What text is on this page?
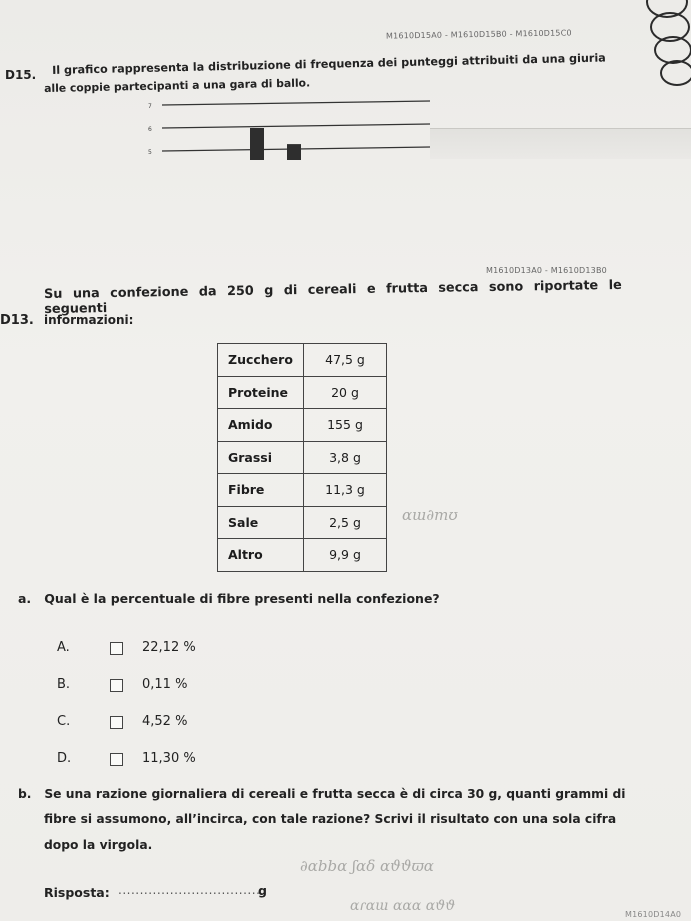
M1610D15A0 - M1610D15B0 - M1610D15C0
D15. Il grafico rappresenta la distribuzione di frequenza dei punteggi attribuiti da una giuria
alle coppie partecipanti a una gara di ballo.
7
6
5
M1610D13A0 - M1610D13B0
D13.
Su una confezione da 250 g di cereali e frutta secca sono riportate le seguenti
informazioni:
Zucchero	47,5 g
Proteine	20 g
Amido	155 g
Grassi	3,8 g
Fibre	11,3 g
Sale	2,5 g
Altro	9,9 g
a.   Qual è la percentuale di fibre presenti nella confezione?
A.	22,12 %
B.	0,11 %
C.	4,52 %
D.	11,30 %
b.   Se una razione giornaliera di cereali e frutta secca è di circa 30 g, quanti grammi di
fibre si assumono, all’incirca, con tale razione? Scrivi il risultato con una sola cifra
dopo la virgola.
Risposta: .................................
g
ɑɯ∂mʊ
∂ɑbbɑ ʃɑδ ɑϑϑϖɑ
ɑɾɑɯ ɑɑɑ ɑϑϑ
M1610D14A0
